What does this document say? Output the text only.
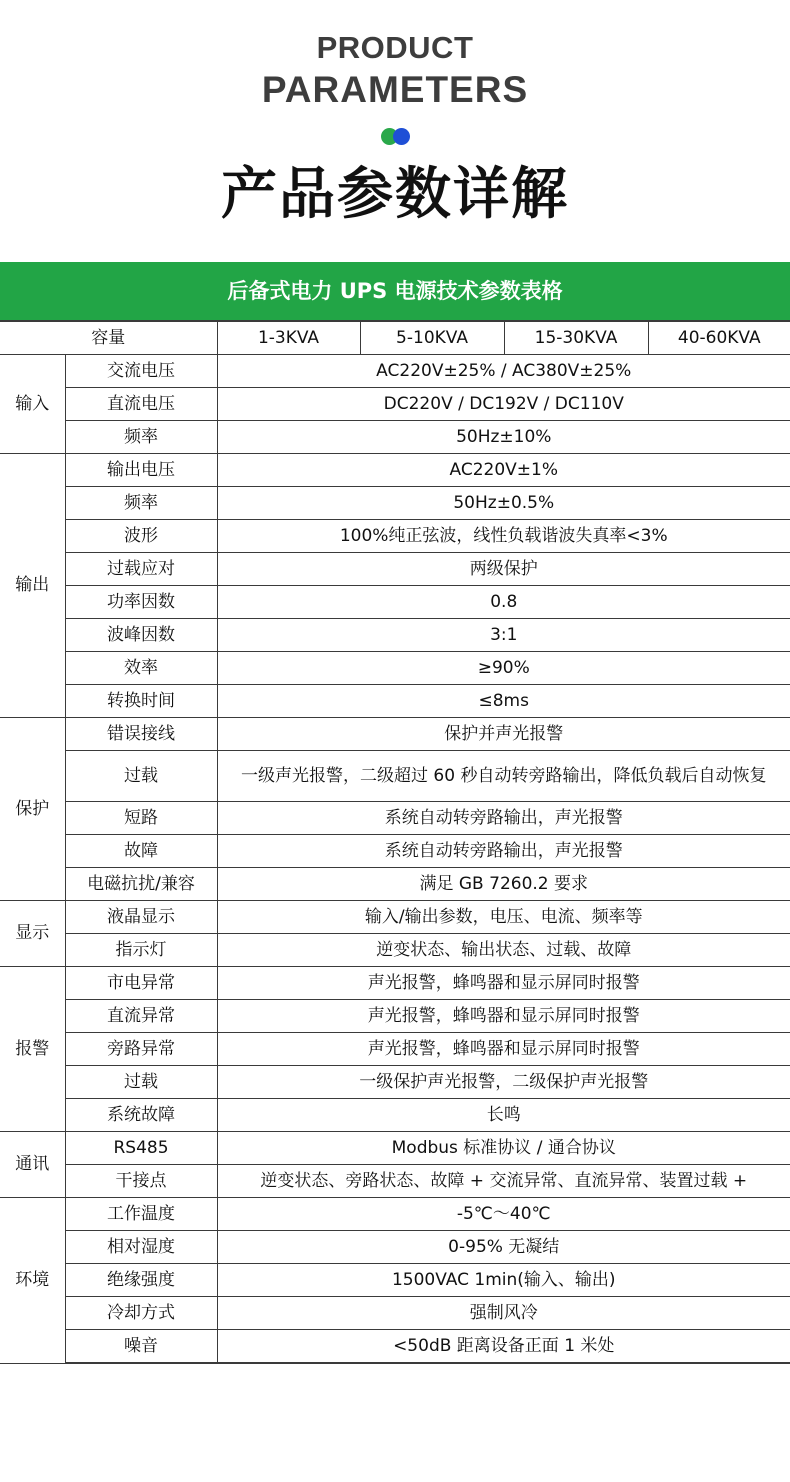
PRODUCT
PARAMETERS
产品参数详解
后备式电力 UPS 电源技术参数表格
容量		1-3KVA	5-10KVA	15-30KVA	40-60KVA
输入	交流电压	AC220V±25% / AC380V±25%			
	直流电压	DC220V / DC192V / DC110V			
	频率	50Hz±10%			
输出	输出电压	AC220V±1%			
	频率	50Hz±0.5%			
	波形	100%纯正弦波，线性负载谐波失真率<3%			
	过载应对	两级保护			
	功率因数	0.8			
	波峰因数	3:1			
	效率	≥90%			
	转换时间	≤8ms			
保护	错误接线	保护并声光报警			
	过载	一级声光报警，二级超过 60 秒自动转旁路输出，降低负载后自动恢复			
	短路	系统自动转旁路输出，声光报警			
	故障	系统自动转旁路输出，声光报警			
	电磁抗扰/兼容	满足 GB 7260.2 要求			
显示	液晶显示	输入/输出参数，电压、电流、频率等			
	指示灯	逆变状态、输出状态、过载、故障			
报警	市电异常	声光报警，蜂鸣器和显示屏同时报警			
	直流异常	声光报警，蜂鸣器和显示屏同时报警			
	旁路异常	声光报警，蜂鸣器和显示屏同时报警			
	过载	一级保护声光报警，二级保护声光报警			
	系统故障	长鸣			
通讯	RS485	Modbus 标准协议 / 通合协议			
	干接点	逆变状态、旁路状态、故障 + 交流异常、直流异常、装置过载 +			
环境	工作温度	-5℃～40℃			
	相对湿度	0-95% 无凝结			
	绝缘强度	1500VAC 1min(输入、输出)			
	冷却方式	强制风冷			
	噪音	<50dB 距离设备正面 1 米处			
